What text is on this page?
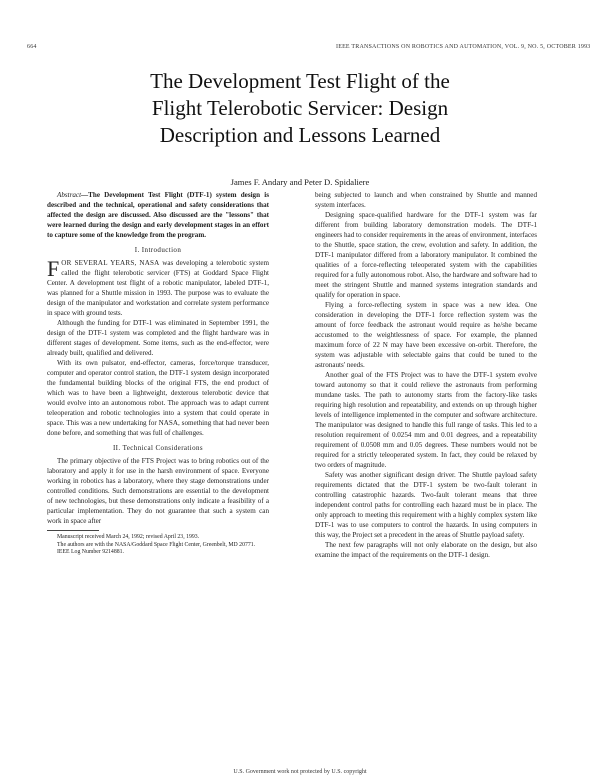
664	IEEE TRANSACTIONS ON ROBOTICS AND AUTOMATION, VOL. 9, NO. 5, OCTOBER 1993
The Development Test Flight of the
Flight Telerobotic Servicer: Design
Description and Lessons Learned
James F. Andary and Peter D. Spidaliere

Abstract—The Development Test Flight (DTF-1) system design is described and the technical, operational and safety considerations that affected the design are discussed. Also discussed are the "lessons" that were learned during the design and early development stages in an effort to capture some of the knowledge from the program.

I. Introduction

FOR SEVERAL YEARS, NASA was developing a telerobotic system called the flight telerobotic servicer (FTS) at Goddard Space Flight Center. A development test flight of a robotic manipulator, labeled DTF-1, was planned for a Shuttle mission in 1993. The purpose was to evaluate the design of the manipulator and workstation and correlate system performance in space with ground tests.

Although the funding for DTF-1 was eliminated in September 1991, the design of the DTF-1 system was completed and the flight hardware was in different stages of development. Some items, such as the end-effector, were already built, qualified and delivered.

With its own pulsator, end-effector, cameras, force/torque transducer, computer and operator control station, the DTF-1 system design incorporated the fundamental building blocks of the original FTS, the end product of which was to have been a lightweight, dexterous telerobotic device that would evolve into an autonomous robot. The approach was to adapt current teleoperation and robotic technologies into a system that could operate in space. This was a new undertaking for NASA, something that had never been done before, and something that was full of challenges.

II. Technical Considerations

The primary objective of the FTS Project was to bring robotics out of the laboratory and apply it for use in the harsh environment of space. Everyone working in robotics has a laboratory, where they stage demonstrations under controlled conditions. Such demonstrations are essential to the development of new technologies, but these demonstrations only indicate a feasibility of a particular implementation. They do not guarantee that such a system can work in space after

Manuscript received March 24, 1992; revised April 23, 1993.

The authors are with the NASA/Goddard Space Flight Center, Greenbelt, MD 20771.

IEEE Log Number 9214881.

being subjected to launch and when constrained by Shuttle and manned system interfaces.

Designing space-qualified hardware for the DTF-1 system was far different from building laboratory demonstration models. The DTF-1 engineers had to consider requirements in the areas of environment, interfaces to the Shuttle, space station, the crew, evolution and safety. In addition, the DTF-1 manipulator differed from a laboratory manipulator. It combined the qualities of a force-reflecting teleoperated system with the capabilities required for a fully autonomous robot. Also, the hardware and software had to meet the stringent Shuttle and manned systems integration standards and qualify for operation in space.

Flying a force-reflecting system in space was a new idea. One consideration in developing the DTF-1 force reflection system was the amount of force feedback the astronaut would require as he/she became accustomed to the weightlessness of space. For example, the planned maximum force of 22 N may have been excessive on-orbit. Therefore, the system was adjustable with selectable gains that could be tuned to the astronauts' needs.

Another goal of the FTS Project was to have the DTF-1 system evolve toward autonomy so that it could relieve the astronauts from performing mundane tasks. The path to autonomy starts from the factory-like tasks requiring high resolution and repeatability, and extends on up through higher levels of intelligence implemented in the computer and software architecture. The manipulator was designed to handle this full range of tasks. This led to a resolution requirement of 0.0254 mm and 0.01 degrees, and a repeatability requirement of 0.0508 mm and 0.05 degrees. These numbers would not be required for a strictly teleoperated system. In fact, they could be relaxed by two orders of magnitude.

Safety was another significant design driver. The Shuttle payload safety requirements dictated that the DTF-1 system be two-fault tolerant in controlling catastrophic hazards. Two-fault tolerant means that three independent control paths for controlling each hazard must be in place. The only approach to meeting this requirement with a highly complex system like DTF-1 was to use computers to control the hazards. In using computers in this way, the Project set a precedent in the areas of Shuttle payload safety.

The next few paragraphs will not only elaborate on the design, but also examine the impact of the requirements on the DTF-1 design.

U.S. Government work not protected by U.S. copyright
